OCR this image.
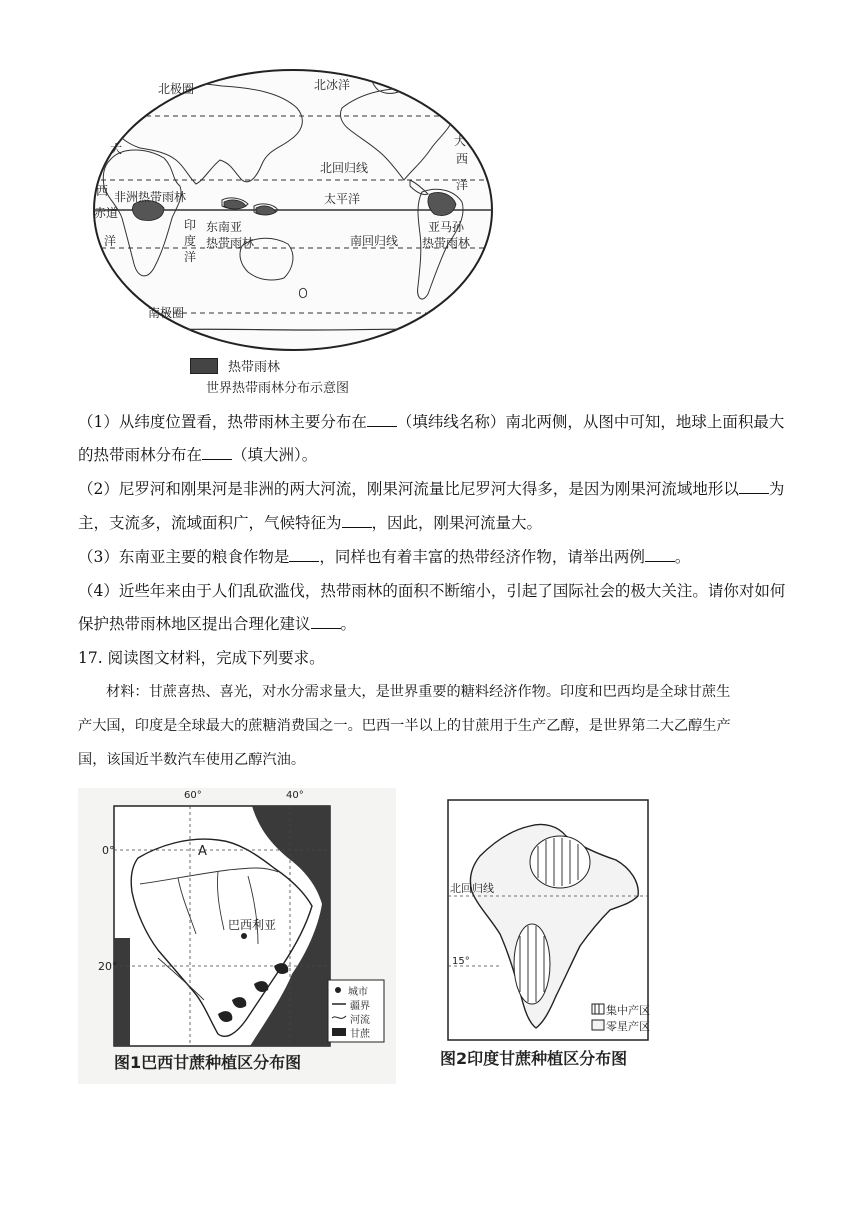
北极圈	北冰洋
北回归线
太平洋
南回归线
南极圈
非洲热带雨林
东南亚
热带雨林
亚马孙
热带雨林
印
度
洋
大
西
赤道
洋
大
西
洋
热带雨林
世界热带雨林分布示意图
（1）从纬度位置看，热带雨林主要分布在 （填纬线名称）南北两侧，从图中可知，地球上面积最大
的热带雨林分布在 （填大洲）。
（2）尼罗河和刚果河是非洲的两大河流，刚果河流量比尼罗河大得多，是因为刚果河流域地形以 为
主，支流多，流域面积广，气候特征为 ，因此，刚果河流量大。
（3）东南亚主要的粮食作物是 ，同样也有着丰富的热带经济作物，请举出两例 。
（4）近些年来由于人们乱砍滥伐，热带雨林的面积不断缩小，引起了国际社会的极大关注。请你对如何
保护热带雨林地区提出合理化建议 。
17. 阅读图文材料，完成下列要求。
材料：甘蔗喜热、喜光，对水分需求量大，是世界重要的糖料经济作物。印度和巴西均是全球甘蔗生
产大国，印度是全球最大的蔗糖消费国之一。巴西一半以上的甘蔗用于生产乙醇，是世界第二大乙醇生产
国，该国近半数汽车使用乙醇汽油。
60°	40°
0°
20°
A
巴西利亚
城市
疆界
河流
甘蔗
图1巴西甘蔗种植区分布图
北回归线
15°
集中产区
零星产区
图2印度甘蔗种植区分布图
